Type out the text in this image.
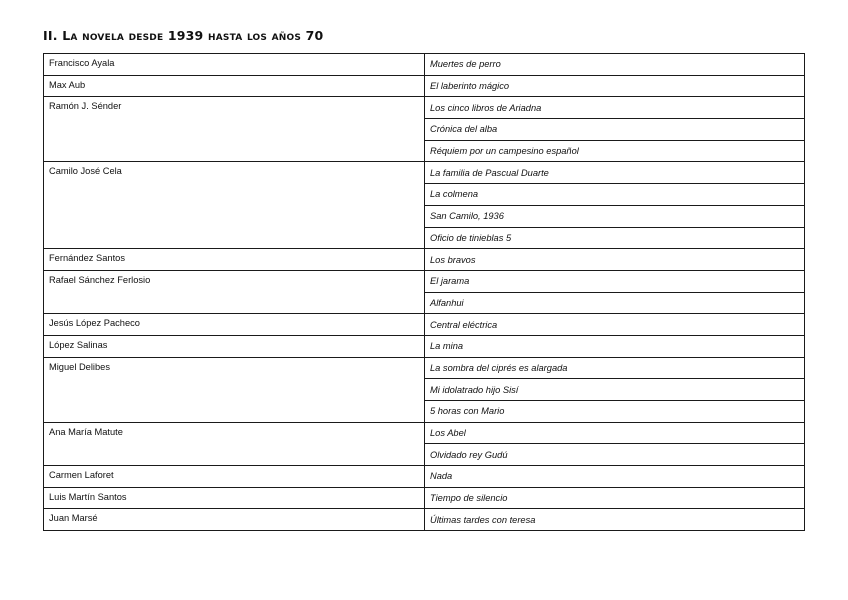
II. La novela desde 1939 hasta los años 70
Francisco Ayala	Muertes de perro
Max Aub	El laberinto mágico
Ramón J. Sénder	Los cinco libros de Ariadna
	Crónica del alba
	Réquiem por un campesino español
Camilo José Cela	La familia de Pascual Duarte
	La colmena
	San Camilo, 1936
	Oficio de tinieblas 5
Fernández Santos	Los bravos
Rafael Sánchez Ferlosio	El jarama
	Alfanhui
Jesús López Pacheco	Central eléctrica
López Salinas	La mina
Miguel Delibes	La sombra del ciprés es alargada
	Mi idolatrado hijo Sisí
	5 horas con Mario
Ana María Matute	Los Abel
	Olvidado rey Gudú
Carmen Laforet	Nada
Luis Martín Santos	Tiempo de silencio
Juan Marsé	Últimas tardes con teresa
